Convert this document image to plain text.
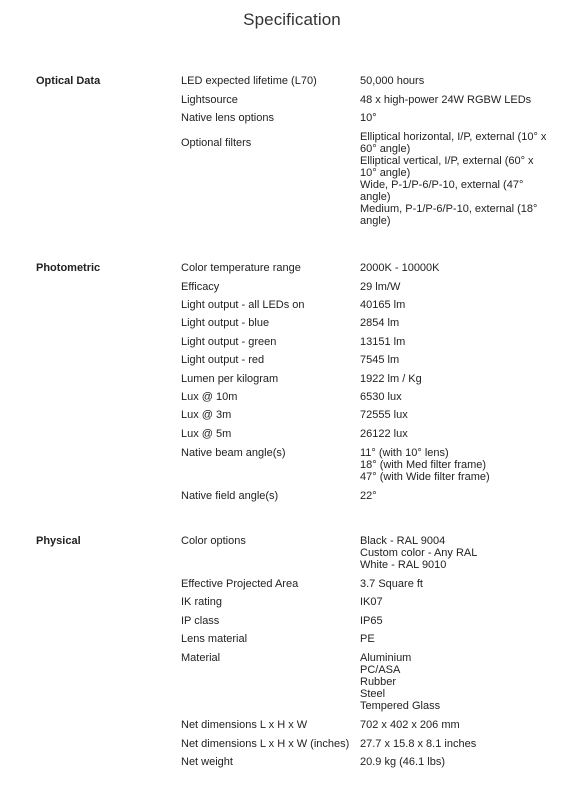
Specification
Optical Data	LED expected lifetime (L70)	50,000 hours
Lightsource	48 x high-power 24W RGBW LEDs
Native lens options	10°
Optional filters	Elliptical horizontal, I/P, external (10° x 60° angle)
Elliptical vertical, I/P, external (60° x 10° angle)
Wide, P-1/P-6/P-10, external (47° angle)
Medium, P-1/P-6/P-10, external (18° angle)
Photometric	Color temperature range	2000K - 10000K
Efficacy	29 lm/W
Light output - all LEDs on	40165 lm
Light output - blue	2854 lm
Light output - green	13151 lm
Light output - red	7545 lm
Lumen per kilogram	1922 lm / Kg
Lux @ 10m	6530 lux
Lux @ 3m	72555 lux
Lux @ 5m	26122 lux
Native beam angle(s)	11° (with 10° lens)
18° (with Med filter frame)
47° (with Wide filter frame)
Native field angle(s)	22°
Physical	Color options	Black - RAL 9004
Custom color - Any RAL
White - RAL 9010
Effective Projected Area	3.7 Square ft
IK rating	IK07
IP class	IP65
Lens material	PE
Material	Aluminium
PC/ASA
Rubber
Steel
Tempered Glass
Net dimensions L x H x W	702 x 402 x 206 mm
Net dimensions L x H x W (inches) 27.7 x 15.8 x 8.1 inches
Net weight	20.9 kg (46.1 lbs)
